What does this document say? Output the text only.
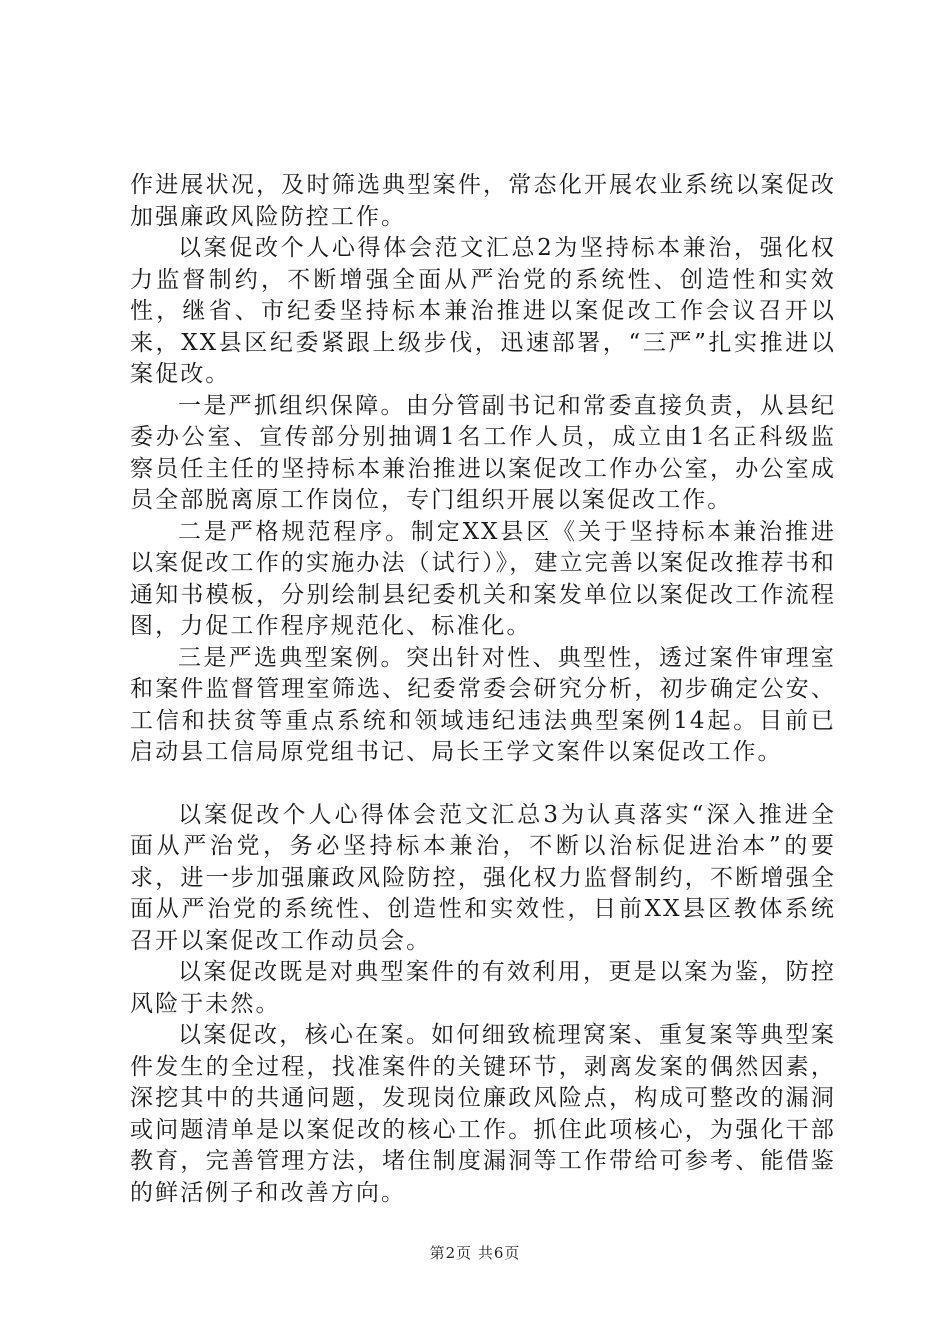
作进展状况，及时筛选典型案件，常态化开展农业系统以案促改加强廉政风险防控工作。

以案促改个人心得体会范文汇总2为坚持标本兼治，强化权力监督制约，不断增强全面从严治党的系统性、创造性和实效性，继省、市纪委坚持标本兼治推进以案促改工作会议召开以来，XX县区纪委紧跟上级步伐，迅速部署，“三严”扎实推进以案促改。

一是严抓组织保障。由分管副书记和常委直接负责，从县纪委办公室、宣传部分别抽调1名工作人员，成立由1名正科级监察员任主任的坚持标本兼治推进以案促改工作办公室，办公室成员全部脱离原工作岗位，专门组织开展以案促改工作。

二是严格规范程序。制定XX县区《关于坚持标本兼治推进以案促改工作的实施办法（试行）》，建立完善以案促改推荐书和通知书模板，分别绘制县纪委机关和案发单位以案促改工作流程图，力促工作程序规范化、标准化。

三是严选典型案例。突出针对性、典型性，透过案件审理室和案件监督管理室筛选、纪委常委会研究分析，初步确定公安、工信和扶贫等重点系统和领域违纪违法典型案例14起。目前已启动县工信局原党组书记、局长王学文案件以案促改工作。

以案促改个人心得体会范文汇总3为认真落实“深入推进全面从严治党，务必坚持标本兼治，不断以治标促进治本”的要求，进一步加强廉政风险防控，强化权力监督制约，不断增强全面从严治党的系统性、创造性和实效性，日前XX县区教体系统召开以案促改工作动员会。

以案促改既是对典型案件的有效利用，更是以案为鉴，防控风险于未然。

以案促改，核心在案。如何细致梳理窝案、重复案等典型案件发生的全过程，找准案件的关键环节，剥离发案的偶然因素，深挖其中的共通问题，发现岗位廉政风险点，构成可整改的漏洞或问题清单是以案促改的核心工作。抓住此项核心，为强化干部教育，完善管理方法，堵住制度漏洞等工作带给可参考、能借鉴的鲜活例子和改善方向。

第2页 共6页
